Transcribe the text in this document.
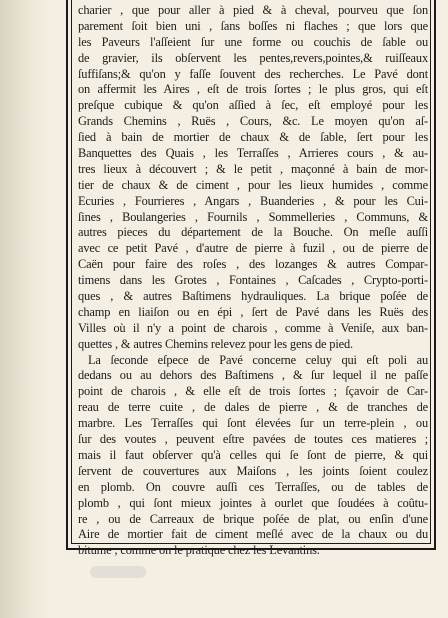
charier , que pour aller à pied & à cheval, pourveu que ſon
parement ſoit bien uni , ſans boſſes ni flaches ; que lors que
les Paveurs l'aſſeient ſur une forme ou couchis de ſable ou
de gravier, ils obſervent les pentes,revers,pointes,& ruiſſeaux
ſuffiſans;& qu'on y faſſe ſouvent des recherches. Le Pavé dont
on affermit les Aires , eſt de trois ſortes ; le plus gros, qui eſt
preſque cubique & qu'on aſſied à ſec, eſt employé pour les
Grands Chemins , Ruës , Cours, &c. Le moyen qu'on aſ-
ſied à bain de mortier de chaux & de ſable, ſert pour les
Banquettes des Quais , les Terraſſes , Arrieres cours , & au-
tres lieux à découvert ; & le petit , maçonné à bain de mor-
tier de chaux & de ciment , pour les lieux humides , comme
Ecuries , Fourrieres , Angars , Buanderies , & pour les Cui-
ſines , Boulangeries , Fournils , Sommelleries , Communs, &
autres pieces du département de la Bouche. On meſle auſſi
avec ce petit Pavé , d'autre de pierre à fuzil , ou de pierre de
Caën pour faire des roſes , des lozanges & autres Compar-
timens dans les Grotes , Fontaines , Caſcades , Crypto-porti-
ques , & autres Baſtimens hydrauliques. La brique poſée de
champ en liaiſon ou en épi , ſert de Pavé dans les Ruës des
Villes où il n'y a point de charois , comme à Veniſe, aux ban-
quettes , & autres Chemins relevez pour les gens de pied.
La ſeconde eſpece de Pavé concerne celuy qui eſt poli au
dedans ou au dehors des Baſtimens , & ſur lequel il ne paſſe
point de charois , & elle eſt de trois ſortes ; ſçavoir de Car-
reau de terre cuite , de dales de pierre , & de tranches de
marbre. Les Terraſſes qui ſont élevées ſur un terre-plein , ou
ſur des voutes , peuvent eſtre pavées de toutes ces matieres ;
mais il faut obſerver qu'à celles qui ſe ſont de pierre, & qui
ſervent de couvertures aux Maiſons , les joints ſoient coulez
en plomb. On couvre auſſi ces Terraſſes, ou de tables de
plomb , qui ſont mieux jointes à ourlet que ſoudées à coûtu-
re , ou de Carreaux de brique poſée de plat, ou enſin d'une
Aire de mortier fait de ciment meſlé avec de la chaux ou du
bitume , comme on le pratique chez les Levantins.
